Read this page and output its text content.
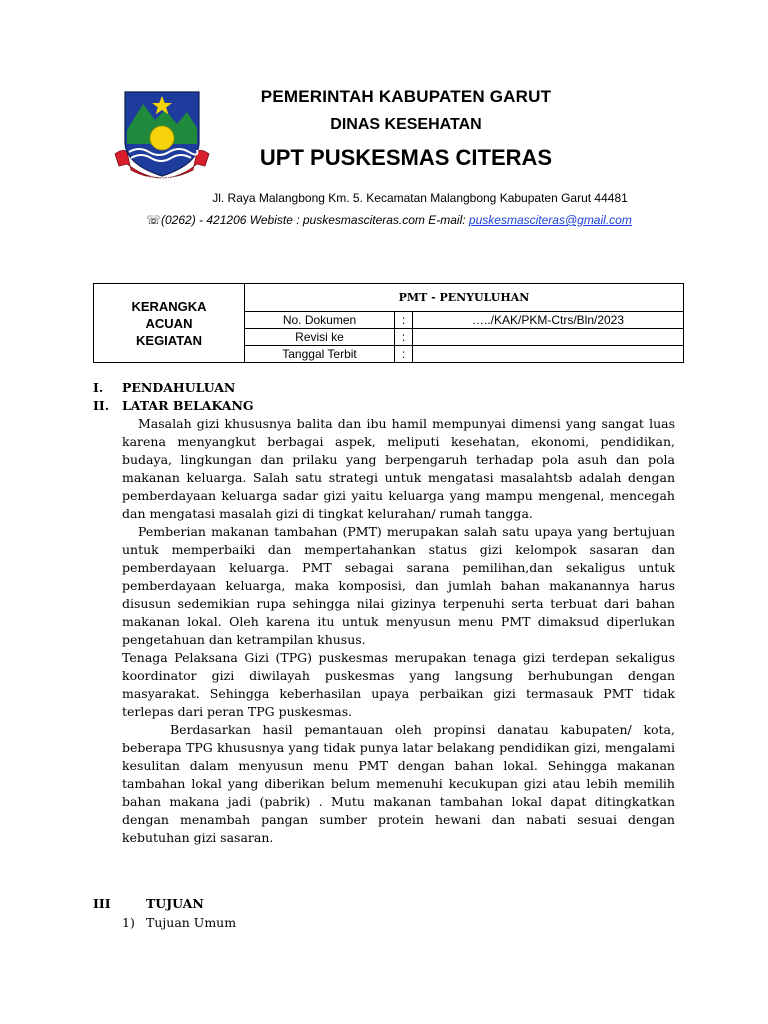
SAUYUNAN TENGTREM KERJA KAWALA
PEMERINTAH KABUPATEN GARUT
DINAS KESEHATAN
UPT PUSKESMAS CITERAS
Jl. Raya Malangbong Km. 5. Kecamatan Malangbong Kabupaten Garut 44481
☏(0262) - 421206 Webiste : puskesmasciteras.com E-mail: puskesmasciteras@gmail.com
KERANGKA
ACUAN
KEGIATAN	PMT - PENYULUHAN		
	No. Dokumen	:	…../KAK/PKM-Ctrs/Bln/2023
	Revisi ke	:	
	Tanggal Terbit	:	
I. PENDAHULUAN
II. LATAR BELAKANG

Masalah gizi khususnya balita dan ibu hamil mempunyai dimensi yang sangat luas karena menyangkut berbagai aspek, meliputi kesehatan, ekonomi, pendidikan, budaya, lingkungan dan prilaku yang berpengaruh terhadap pola asuh dan pola makanan keluarga. Salah satu strategi untuk mengatasi masalahtsb adalah dengan pemberdayaan keluarga sadar gizi yaitu keluarga yang mampu mengenal, mencegah dan mengatasi masalah gizi di tingkat kelurahan/ rumah tangga.

Pemberian makanan tambahan (PMT) merupakan salah satu upaya yang bertujuan untuk memperbaiki dan mempertahankan status gizi kelompok sasaran dan pemberdayaan keluarga. PMT sebagai sarana pemilihan,dan sekaligus untuk pemberdayaan keluarga, maka komposisi, dan jumlah bahan makanannya harus disusun sedemikian rupa sehingga nilai gizinya terpenuhi serta terbuat dari bahan makanan lokal. Oleh karena itu untuk menyusun menu PMT dimaksud diperlukan pengetahuan dan ketrampilan khusus.

Tenaga Pelaksana Gizi (TPG) puskesmas merupakan tenaga gizi terdepan sekaligus koordinator gizi diwilayah puskesmas yang langsung berhubungan dengan masyarakat. Sehingga keberhasilan upaya perbaikan gizi termasauk PMT tidak terlepas dari peran TPG puskesmas.

Berdasarkan hasil pemantauan oleh propinsi danatau kabupaten/ kota, beberapa TPG khususnya yang tidak punya latar belakang pendidikan gizi, mengalami kesulitan dalam menyusun menu PMT dengan bahan lokal. Sehingga makanan tambahan lokal yang diberikan belum memenuhi kecukupan gizi atau lebih memilih bahan makana jadi (pabrik) . Mutu makanan tambahan lokal dapat ditingkatkan dengan menambah pangan sumber protein hewani dan nabati sesuai dengan kebutuhan gizi sasaran.

III	TUJUAN
1) Tujuan Umum
